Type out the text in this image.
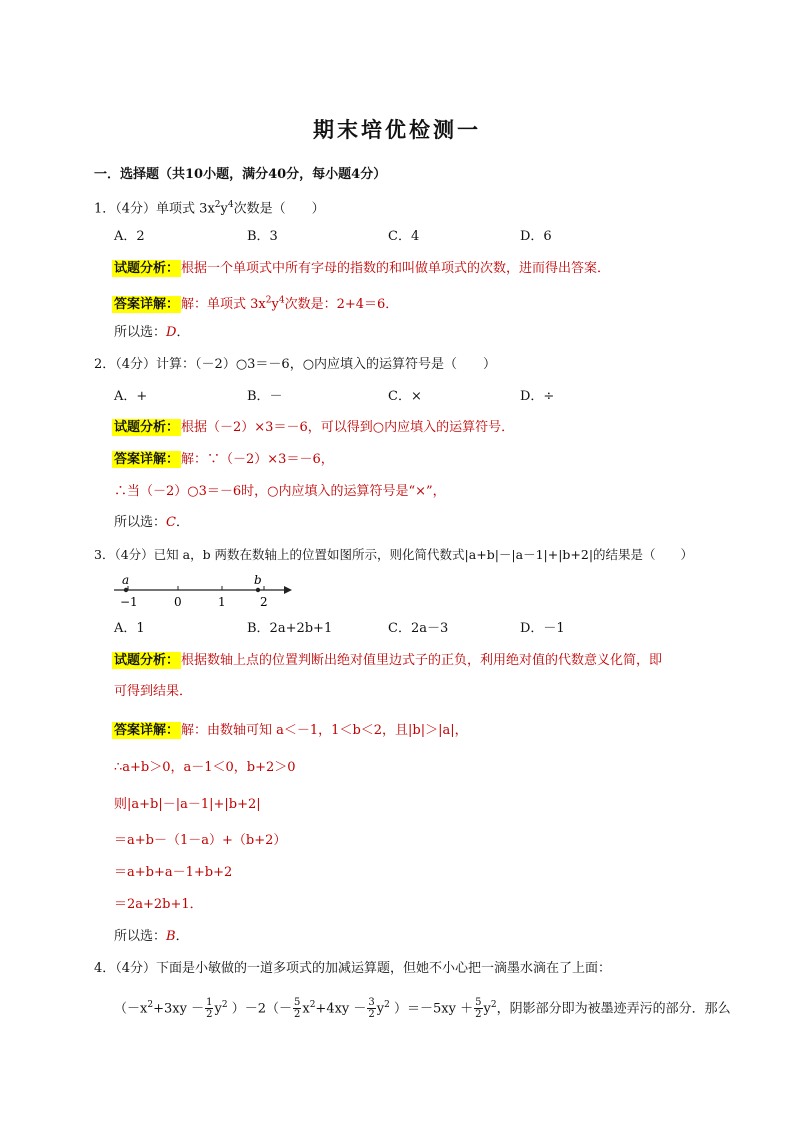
期末培优检测一
一．选择题（共10小题，满分40分，每小题4分）
1．（4分）单项式 $3x^2y^4$次数是（　　）
A．2	B．3	C．4	D．6
试题分析： 根据一个单项式中所有字母的指数的和叫做单项式的次数，进而得出答案．
答案详解： 解：单项式 $3x^2y^4$次数是：2+4＝6．
所以选：D．
2．（4分）计算：（－2）○3＝－6，○内应填入的运算符号是（　　）
A．+	B．－	C．×	D．÷
试题分析： 根据（－2）×3＝－6，可以得到○内应填入的运算符号．
答案详解： 解：∵（－2）×3＝－6，
∴当（－2）○3＝－6时，○内应填入的运算符号是“×”，
所以选：C．
3．（4分）已知 a，b 两数在数轴上的位置如图所示，则化简代数式|a+b|－|a－1|+|b+2|的结果是（　　）
a	b
−1	0	1	2
A．1	B．2a+2b+1	C．2a－3	D．－1
试题分析： 根据数轴上点的位置判断出绝对值里边式子的正负，利用绝对值的代数意义化简，即
可得到结果．
答案详解： 解：由数轴可知 a＜－1，1＜b＜2，且|b|＞|a|，
∴a+b＞0，a－1＜0，b+2＞0
则|a+b|－|a－1|+|b+2|
＝a+b－（1－a）+（b+2）
＝a+b+a－1+b+2
＝2a+2b+1．
所以选：B．
4．（4分）下面是小敏做的一道多项式的加减运算题，但她不小心把一滴墨水滴在了上面：
（$-x^2+3xy - \frac{1}{2} y^2$ ）$-2(- \frac{5}{2} x^2+4xy - \frac{3}{2} y^2$ ）$=-5xy + \frac{5}{2} y^2$，阴影部分即为被墨迹弄污的部分．那么
